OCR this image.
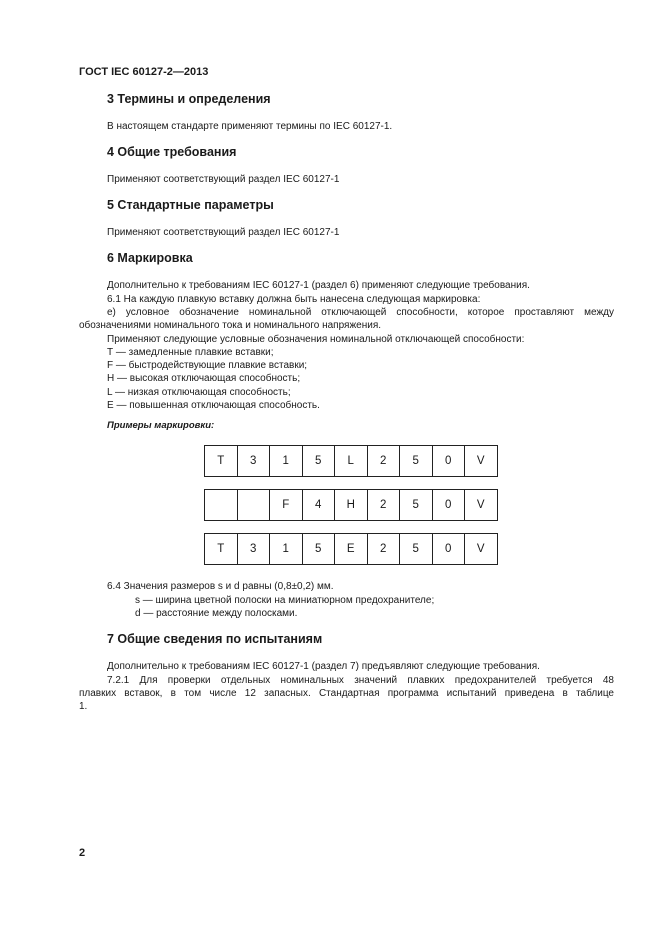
ГОСТ IEC 60127-2—2013
3 Термины и определения
В настоящем стандарте применяют термины по IEC 60127-1.
4 Общие требования
Применяют соответствующий раздел IEC 60127-1
5 Стандартные параметры
Применяют соответствующий раздел IEC 60127-1
6 Маркировка
Дополнительно к требованиям IEC 60127-1 (раздел 6) применяют следующие требования.
6.1 На каждую плавкую вставку должна быть нанесена следующая маркировка:
е) условное обозначение номинальной отключающей способности, которое проставляют между
обозначениями номинального тока и номинального напряжения.
Применяют следующие условные обозначения номинальной отключающей способности:
Т — замедленные плавкие вставки;
F — быстродействующие плавкие вставки;
Н — высокая отключающая способность;
L — низкая отключающая способность;
Е — повышенная отключающая способность.
Примеры маркировки:
T	3	1	5	L	2	5	0	V
		F	4	H	2	5	0	V
T	3	1	5	E	2	5	0	V
6.4 Значения размеров s и d равны (0,8±0,2) мм.
s — ширина цветной полоски на миниатюрном предохранителе;
d — расстояние между полосками.
7 Общие сведения по испытаниям
Дополнительно к требованиям IEC 60127-1 (раздел 7) предъявляют следующие требования.
7.2.1 Для проверки отдельных номинальных значений плавких предохранителей требуется 48
плавких вставок, в том числе 12 запасных. Стандартная программа испытаний приведена в таблице
1.
2
